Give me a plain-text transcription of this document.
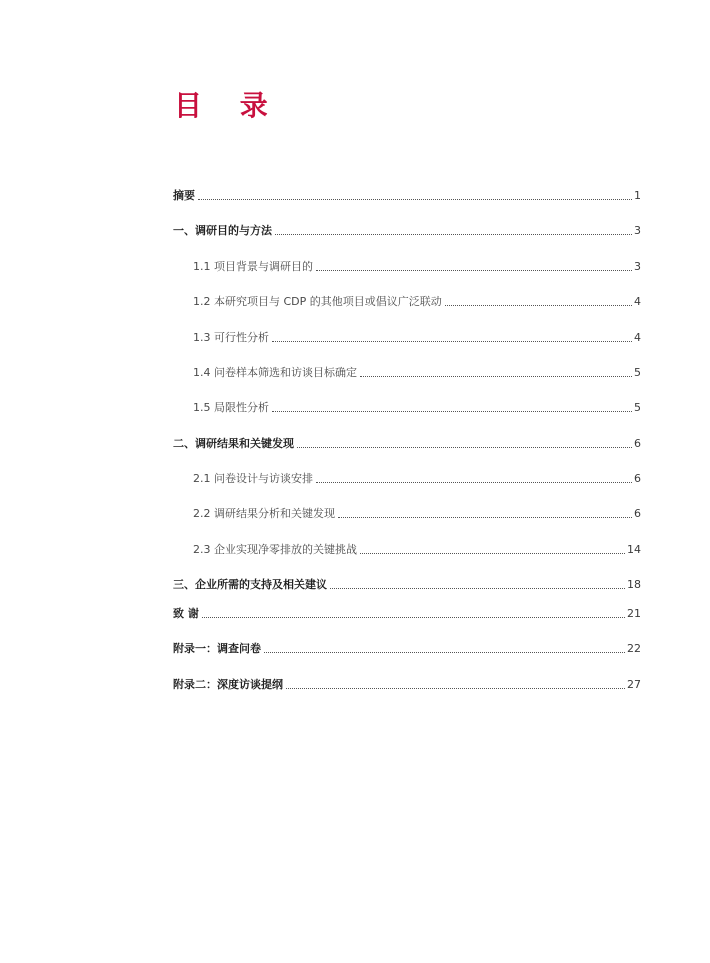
目 录
摘要	1
一、调研目的与方法	3
1.1 项目背景与调研目的	3
1.2 本研究项目与 CDP 的其他项目或倡议广泛联动	4
1.3 可行性分析	4
1.4 问卷样本筛选和访谈目标确定	5
1.5 局限性分析	5
二、调研结果和关键发现	6
2.1 问卷设计与访谈安排	6
2.2 调研结果分析和关键发现	6
2.3 企业实现净零排放的关键挑战	14
三、企业所需的支持及相关建议	18
致 谢	21
附录一：调查问卷	22
附录二：深度访谈提纲	27
